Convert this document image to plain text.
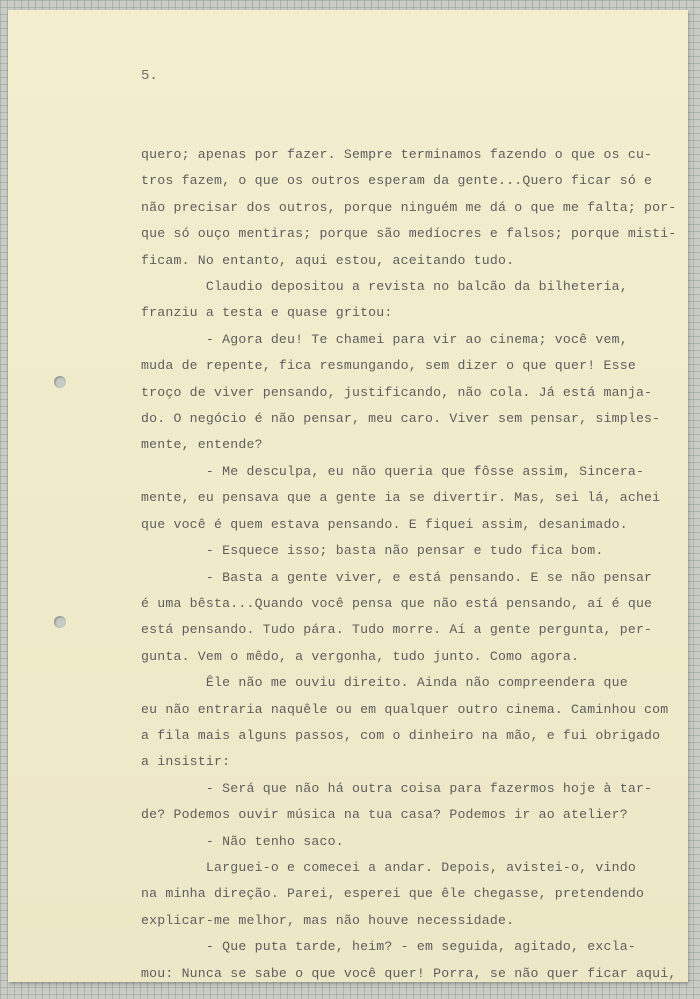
5.

quero; apenas por fazer. Sempre terminamos fazendo o que os cu-

tros fazem, o que os outros esperam da gente...Quero ficar só e

não precisar dos outros, porque ninguém me dá o que me falta; por-

que só ouço mentiras; porque são medíocres e falsos; porque misti-

ficam. No entanto, aqui estou, aceitando tudo.

Claudio depositou a revista no balcão da bilheteria,

franziu a testa e quase gritou:

- Agora deu! Te chamei para vir ao cinema; você vem,

muda de repente, fica resmungando, sem dizer o que quer! Esse

troço de viver pensando, justificando, não cola. Já está manja-

do. O negócio é não pensar, meu caro. Viver sem pensar, simples-

mente, entende?

- Me desculpa, eu não queria que fôsse assim, Sincera-

mente, eu pensava que a gente ia se divertir. Mas, sei lá, achei

que você é quem estava pensando. E fiquei assim, desanimado.

- Esquece isso; basta não pensar e tudo fica bom.

- Basta a gente viver, e está pensando. E se não pensar

é uma bêsta...Quando você pensa que não está pensando, aí é que

está pensando. Tudo pára. Tudo morre. Aí a gente pergunta, per-

gunta. Vem o mêdo, a vergonha, tudo junto. Como agora.

Êle não me ouviu direito. Ainda não compreendera que

eu não entraria naquêle ou em qualquer outro cinema. Caminhou com

a fila mais alguns passos, com o dinheiro na mão, e fui obrigado

a insistir:

- Será que não há outra coisa para fazermos hoje à tar-

de? Podemos ouvir música na tua casa? Podemos ir ao atelier?

- Não tenho saco.

Larguei-o e comecei a andar. Depois, avistei-o, vindo

na minha direção. Parei, esperei que êle chegasse, pretendendo

explicar-me melhor, mas não houve necessidade.

- Que puta tarde, heim? - em seguida, agitado, excla-

mou: Nunca se sabe o que você quer! Porra, se não quer ficar aqui,
